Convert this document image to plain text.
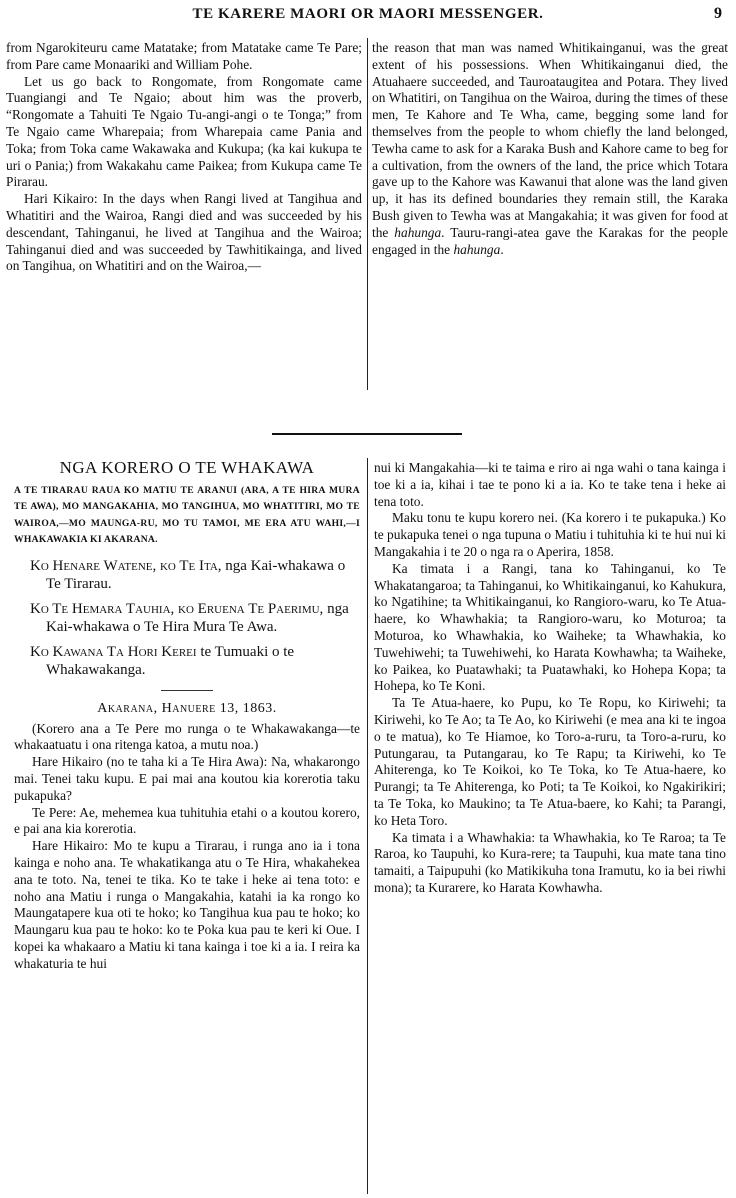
TE KARERE MAORI OR MAORI MESSENGER.	9

from Ngarokiteuru came Matatake; from Matatake came Te Pare; from Pare came Monaariki and William Pohe.

Let us go back to Rongomate, from Rongomate came Tuangiangi and Te Ngaio; about him was the proverb, “Rongomate a Tahuiti Te Ngaio Tu-angi-angi o te Tonga;” from Te Ngaio came Wharepaia; from Wharepaia came Pania and Toka; from Toka came Wakawaka and Kukupa; (ka kai kukupa te uri o Pania;) from Wakakahu came Paikea; from Kukupa came Te Pirarau.

Hari Kikairo: In the days when Rangi lived at Tangihua and Whatitiri and the Wairoa, Rangi died and was succeeded by his descendant, Tahinganui, he lived at Tangihua and the Wairoa; Tahinganui died and was succeeded by Tawhitikainga, and lived on Tangihua, on Whatitiri and on the Wairoa,—

the reason that man was named Whitikainganui, was the great extent of his possessions. When Whitikainganui died, the Atuahaere succeeded, and Tauroataugitea and Potara. They lived on Whatitiri, on Tangihua on the Wairoa, during the times of these men, Te Kahore and Te Wha, came, begging some land for themselves from the people to whom chiefly the land belonged, Tewha came to ask for a Karaka Bush and Kahore came to beg for a cultivation, from the owners of the land, the price which Totara gave up to the Kahore was Kawanui that alone was the land given up, it has its defined boundaries they remain still, the Karaka Bush given to Tewha was at Mangakahia; it was given for food at the hahunga. Tauru-rangi-atea gave the Karakas for the people engaged in the hahunga.

NGA KORERO O TE WHAKAWA
A TE TIRARAU RAUA KO MATIU TE ARANUI (ARA, A TE HIRA MURA TE AWA), MO MANGAKAHIA, MO TANGIHUA, MO WHATITIRI, MO TE WAIROA,—MO MAUNGA-RU, MO TU TAMOI, ME ERA ATU WAHI,—I WHAKAWAKIA KI AKARANA.
Ko Henare Watene, ko Te Ita, nga Kai-whakawa o Te Tirarau.
Ko Te Hemara Tauhia, ko Eruena Te Paerimu, nga Kai-whakawa o Te Hira Mura Te Awa.
Ko Kawana Ta Hori Kerei te Tumuaki o te Whakawakanga.
Akarana, Hanuere 13, 1863.

(Korero ana a Te Pere mo runga o te Whakawakanga—te whakaatuatu i ona ritenga katoa, a mutu noa.)

Hare Hikairo (no te taha ki a Te Hira Awa): Na, whakarongo mai. Tenei taku kupu. E pai mai ana koutou kia korerotia taku pukapuka?

Te Pere: Ae, mehemea kua tuhituhia etahi o a koutou korero, e pai ana kia korerotia.

Hare Hikairo: Mo te kupu a Tirarau, i runga ano ia i tona kainga e noho ana. Te whakatikanga atu o Te Hira, whakahekea ana te toto. Na, tenei te tika. Ko te take i heke ai tena toto: e noho ana Matiu i runga o Mangakahia, katahi ia ka rongo ko Maungatapere kua oti te hoko; ko Tangihua kua pau te hoko; ko Maungaru kua pau te hoko: ko te Poka kua pau te keri ki Oue. I kopei ka whakaaro a Matiu ki tana kainga i toe ki a ia. I reira ka whakaturia te hui

nui ki Mangakahia—ki te taima e riro ai nga wahi o tana kainga i toe ki a ia, kihai i tae te pono ki a ia. Ko te take tena i heke ai tena toto.

Maku tonu te kupu korero nei. (Ka korero i te pukapuka.) Ko te pukapuka tenei o nga tupuna o Matiu i tuhituhia ki te hui nui ki Mangakahia i te 20 o nga ra o Aperira, 1858.

Ka timata i a Rangi, tana ko Tahinganui, ko Te Whakatangaroa; ta Tahinganui, ko Whitikainganui, ko Kahukura, ko Ngatihine; ta Whitikainganui, ko Rangioro-waru, ko Te Atua-haere, ko Whawhakia; ta Rangioro-waru, ko Moturoa; ta Moturoa, ko Whawhakia, ko Waiheke; ta Whawhakia, ko Tuwehiwehi; ta Tuwehiwehi, ko Harata Kowhawha; ta Waiheke, ko Paikea, ko Puatawhaki; ta Puatawhaki, ko Hohepa Kopa; ta Hohepa, ko Te Koni.

Ta Te Atua-haere, ko Pupu, ko Te Ropu, ko Kiriwehi; ta Kiriwehi, ko Te Ao; ta Te Ao, ko Kiriwehi (e mea ana ki te ingoa o te matua), ko Te Hiamoe, ko Toro-a-ruru, ta Toro-a-ruru, ko Putungarau, ta Putangarau, ko Te Rapu; ta Kiriwehi, ko Te Ahiterenga, ko Te Koikoi, ko Te Toka, ko Te Atua-haere, ko Purangi; ta Te Ahiterenga, ko Poti; ta Te Koikoi, ko Ngakirikiri; ta Te Toka, ko Maukino; ta Te Atua-baere, ko Kahi; ta Parangi, ko Heta Toro.

Ka timata i a Whawhakia: ta Whawhakia, ko Te Raroa; ta Te Raroa, ko Taupuhi, ko Kura-rere; ta Taupuhi, kua mate tana tino tamaiti, a Taipupuhi (ko Matikikuha tona Iramutu, ko ia bei riwhi mona); ta Kurarere, ko Harata Kowhawha.
